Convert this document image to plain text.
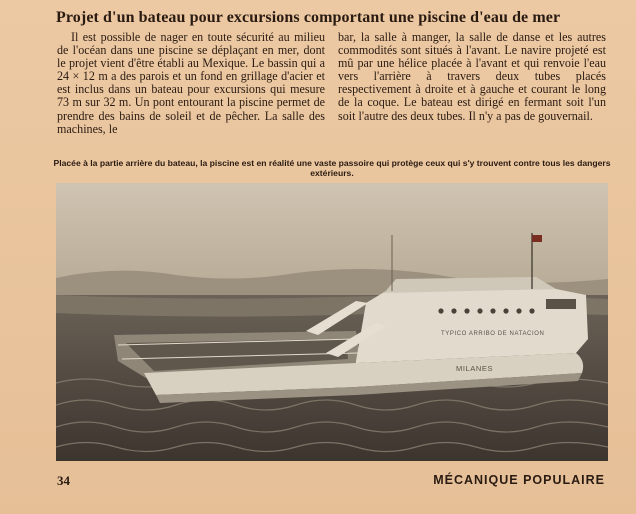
Projet d'un bateau pour excursions comportant une piscine d'eau de mer

Il est possible de nager en toute sécurité au milieu de l'océan dans une piscine se déplaçant en mer, dont le projet vient d'être établi au Mexique. Le bassin qui a 24 × 12 m a des parois et un fond en grillage d'acier et est inclus dans un bateau pour excursions qui mesure 73 m sur 32 m. Un pont entourant la piscine permet de prendre des bains de soleil et de pêcher. La salle des machines, le

bar, la salle à manger, la salle de danse et les autres commodités sont situés à l'avant. Le navire projeté est mû par une hélice placée à l'avant et qui renvoie l'eau vers l'arrière à travers deux tubes placés respectivement à droite et à gauche et courant le long de la coque. Le bateau est dirigé en fermant soit l'un soit l'autre des deux tubes. Il n'y a pas de gouvernail.

Placée à la partie arrière du bateau, la piscine est en réalité une vaste passoire qui protège ceux qui s'y trouvent contre tous les dangers extérieurs.
TYPICO ARRIBO DE NATACION
MILANES
34	MÉCANIQUE POPULAIRE
